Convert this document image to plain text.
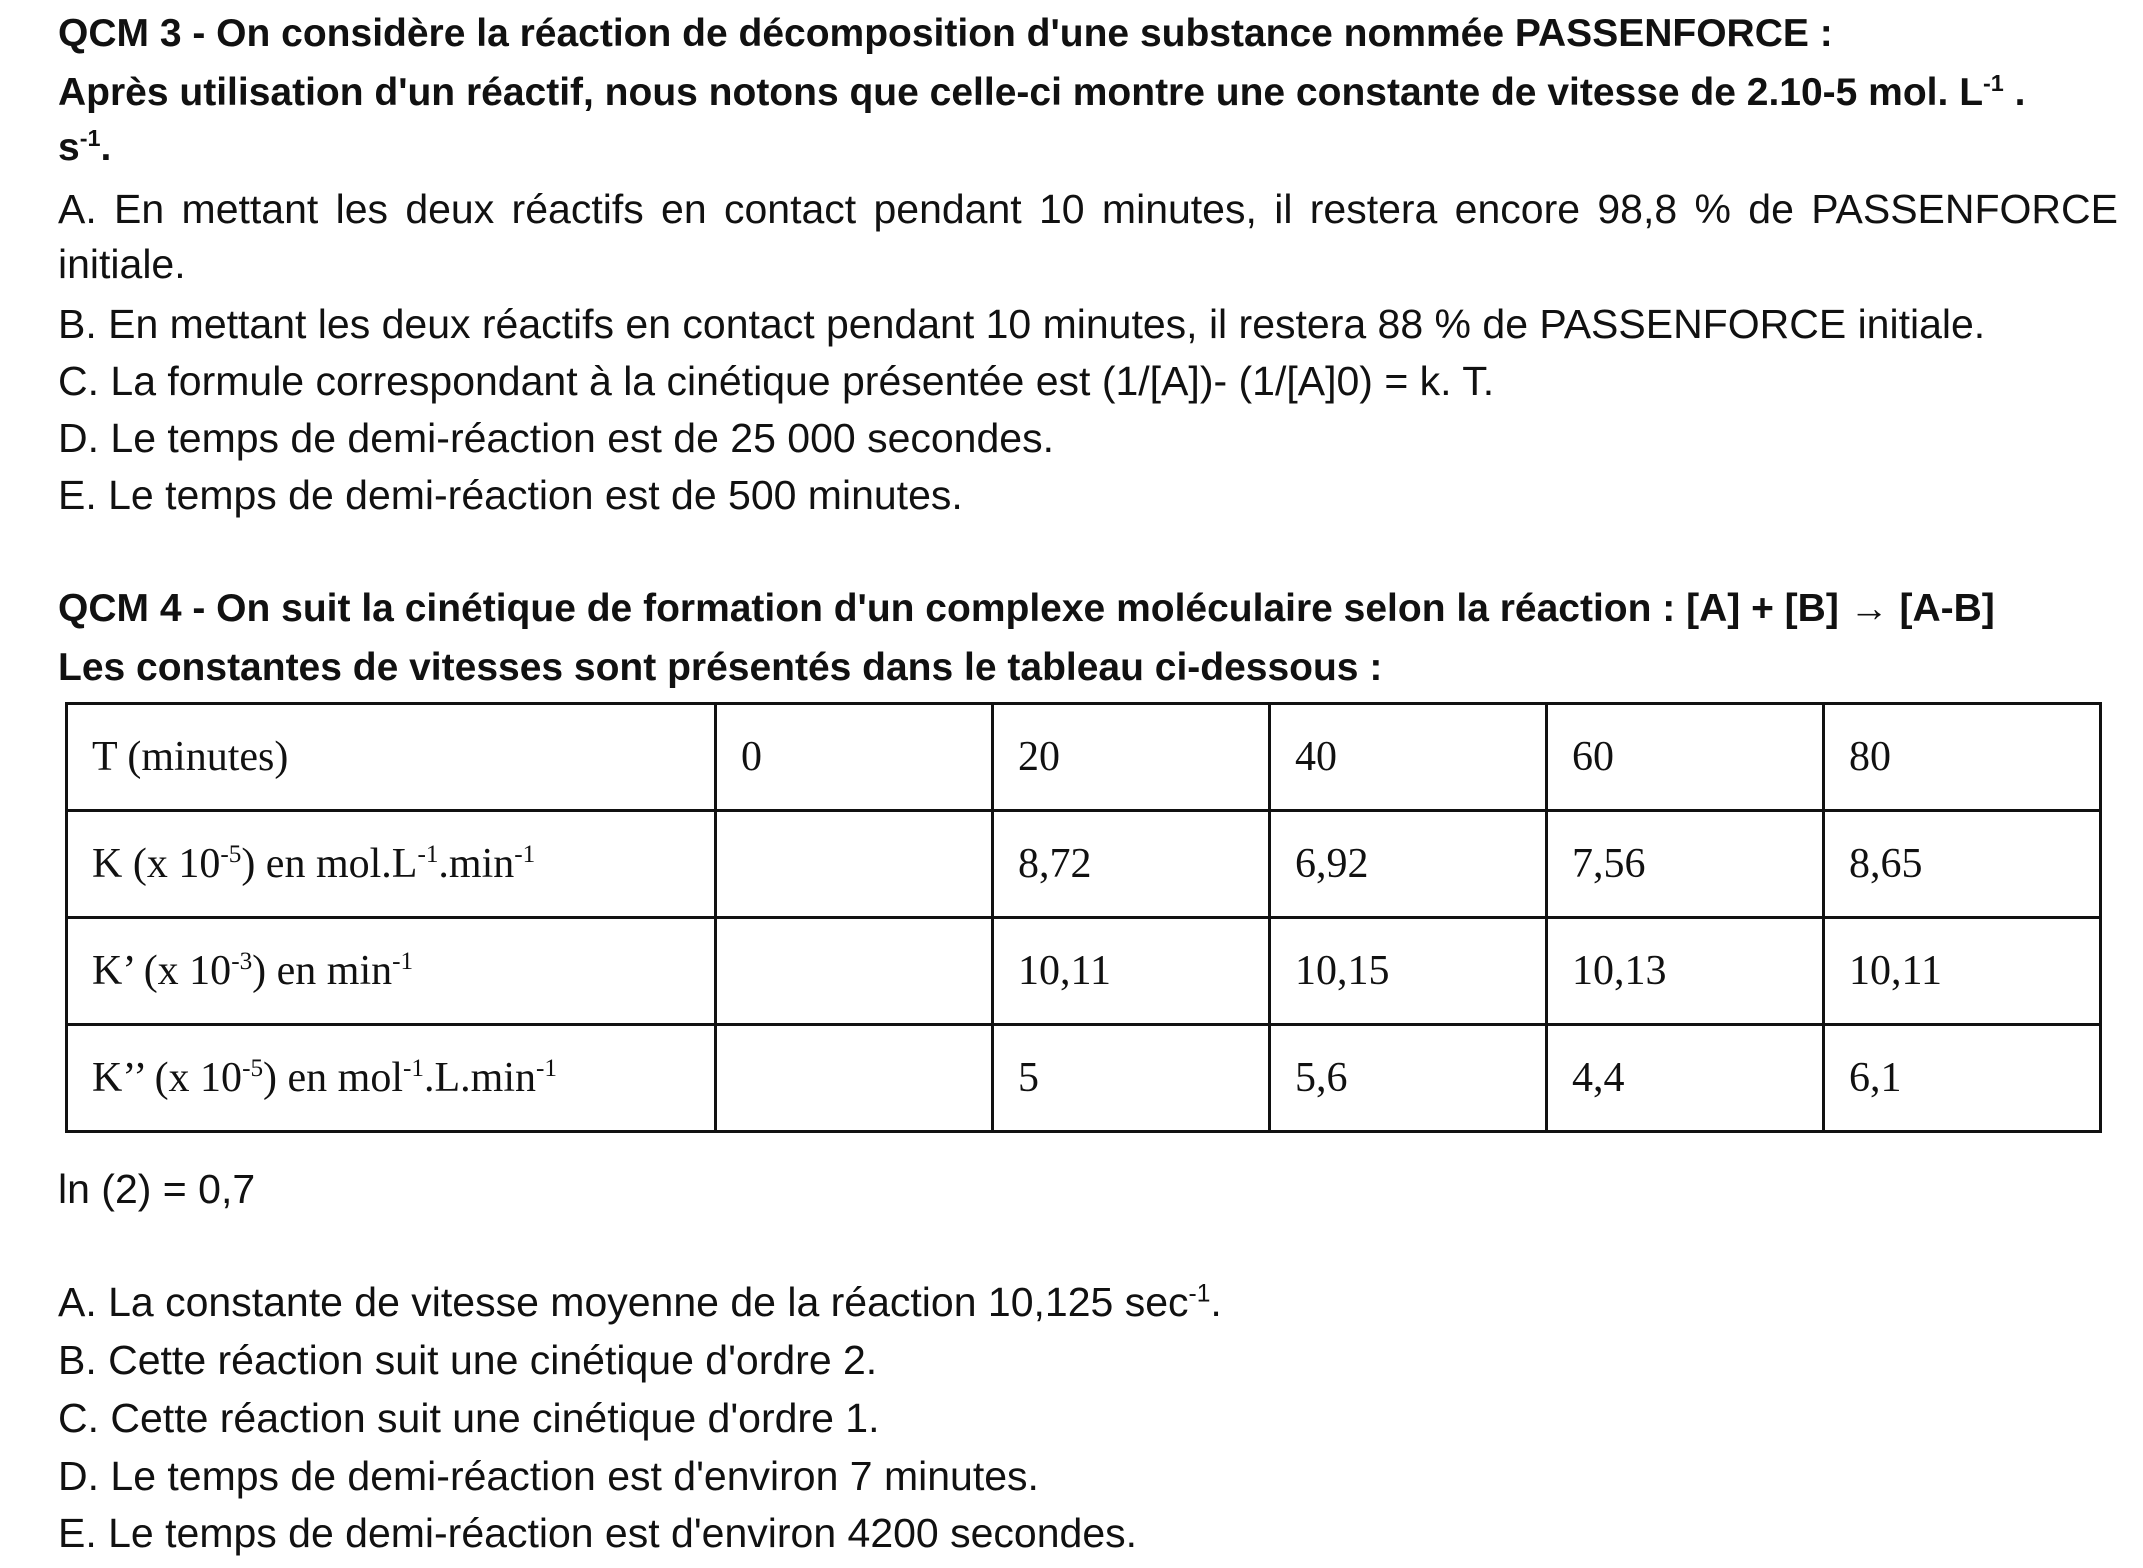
QCM 3 - On considère la réaction de décomposition d'une substance nommée PASSENFORCE :
Après utilisation d'un réactif, nous notons que celle-ci montre une constante de vitesse de 2.10-5 mol. $L^{-1}$ .
$s^{-1}$.
A. En mettant les deux réactifs en contact pendant 10 minutes, il restera encore 98,8 % de PASSENFORCE
initiale.
B. En mettant les deux réactifs en contact pendant 10 minutes, il restera 88 % de PASSENFORCE initiale.
C. La formule correspondant à la cinétique présentée est (1/[A])- (1/[A]0) = k. T.
D. Le temps de demi-réaction est de 25 000 secondes.
E. Le temps de demi-réaction est de 500 minutes.
QCM 4 - On suit la cinétique de formation d'un complexe moléculaire selon la réaction : [A] + [B] → [A-B]
Les constantes de vitesses sont présentés dans le tableau ci-dessous :
T (minutes)	0	20	40	60	80
K (x $10^{-5}$) en $mol.L^{-1}.\min^{-1}$		8,72	6,92	7,56	8,65
K’ (x $10^{-3}$) en $\min^{-1}$		10,11	10,15	10,13	10,11
K’’ (x $10^{-5}$) en $mol^{-1}.L.\min^{-1}$		5	5,6	4,4	6,1
ln (2) = 0,7
A. La constante de vitesse moyenne de la réaction 10,125 $\sec^{-1}$.
B. Cette réaction suit une cinétique d'ordre 2.
C. Cette réaction suit une cinétique d'ordre 1.
D. Le temps de demi-réaction est d'environ 7 minutes.
E. Le temps de demi-réaction est d'environ 4200 secondes.
